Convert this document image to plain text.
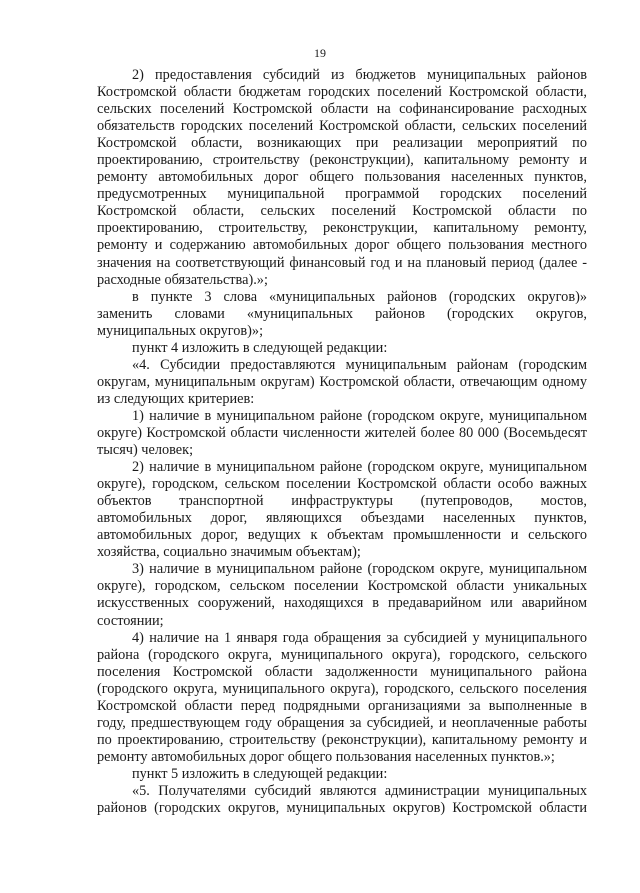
19

2) предоставления субсидий из бюджетов муниципальных районов Костромской области бюджетам городских поселений Костромской области, сельских поселений Костромской области на софинансирование расходных обязательств городских поселений Костромской области, сельских поселений Костромской области, возникающих при реализации мероприятий по проектированию, строительству (реконструкции), капитальному ремонту и ремонту автомобильных дорог общего пользования населенных пунктов, предусмотренных муниципальной программой городских поселений Костромской области, сельских поселений Костромской области по проектированию, строительству, реконструкции, капитальному ремонту, ремонту и содержанию автомобильных дорог общего пользования местного значения на соответствующий финансовый год и на плановый период (далее - расходные обязательства).»;

в пункте 3 слова «муниципальных районов (городских округов)» заменить словами «муниципальных районов (городских округов, муниципальных округов)»;

пункт 4 изложить в следующей редакции:

«4. Субсидии предоставляются муниципальным районам (городским округам, муниципальным округам) Костромской области, отвечающим одному из следующих критериев:

1) наличие в муниципальном районе (городском округе, муниципальном округе) Костромской области численности жителей более 80 000 (Восемьдесят тысяч) человек;

2) наличие в муниципальном районе (городском округе, муниципальном округе), городском, сельском поселении Костромской области особо важных объектов транспортной инфраструктуры (путепроводов, мостов, автомобильных дорог, являющихся объездами населенных пунктов, автомобильных дорог, ведущих к объектам промышленности и сельского хозяйства, социально значимым объектам);

3) наличие в муниципальном районе (городском округе, муниципальном округе), городском, сельском поселении Костромской области уникальных искусственных сооружений, находящихся в предаварийном или аварийном состоянии;

4) наличие на 1 января года обращения за субсидией у муниципального района (городского округа, муниципального округа), городского, сельского поселения Костромской области задолженности муниципального района (городского округа, муниципального округа), городского, сельского поселения Костромской области перед подрядными организациями за выполненные в году, предшествующем году обращения за субсидией, и неоплаченные работы по проектированию, строительству (реконструкции), капитальному ремонту и ремонту автомобильных дорог общего пользования населенных пунктов.»;

пункт 5 изложить в следующей редакции:

«5. Получателями субсидий являются администрации муниципальных районов (городских округов, муниципальных округов) Костромской области
